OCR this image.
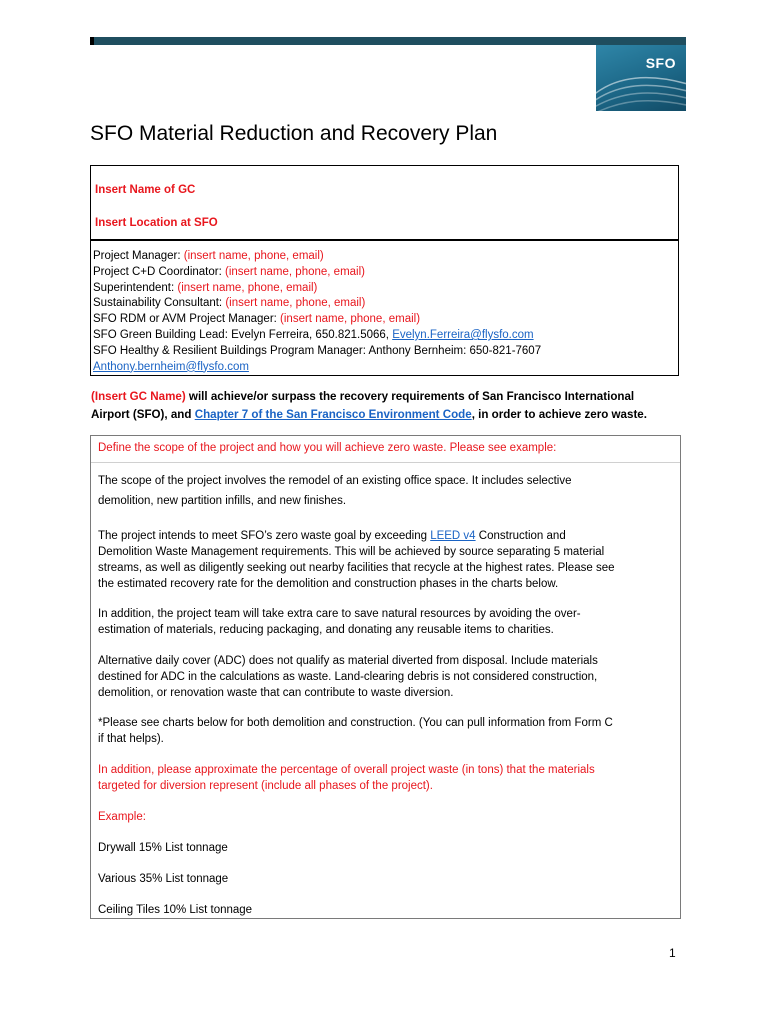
SFO
SFO Material Reduction and Recovery Plan
Insert Name of GC
Insert Location at SFO
Project Manager: (insert name, phone, email)
Project C+D Coordinator: (insert name, phone, email)
Superintendent: (insert name, phone, email)
Sustainability Consultant: (insert name, phone, email)
SFO RDM or AVM Project Manager: (insert name, phone, email)
SFO Green Building Lead: Evelyn Ferreira, 650.821.5066, Evelyn.Ferreira@flysfo.com
SFO Healthy & Resilient Buildings Program Manager: Anthony Bernheim: 650-821-7607
Anthony.bernheim@flysfo.com
(Insert GC Name) will achieve/or surpass the recovery requirements of San Francisco International
Airport (SFO), and Chapter 7 of the San Francisco Environment Code, in order to achieve zero waste.
Define the scope of the project and how you will achieve zero waste. Please see example:
The scope of the project involves the remodel of an existing office space. It includes selective
demolition, new partition infills, and new finishes.
The project intends to meet SFO’s zero waste goal by exceeding LEED v4 Construction and
Demolition Waste Management requirements. This will be achieved by source separating 5 material
streams, as well as diligently seeking out nearby facilities that recycle at the highest rates. Please see
the estimated recovery rate for the demolition and construction phases in the charts below.
In addition, the project team will take extra care to save natural resources by avoiding the over-
estimation of materials, reducing packaging, and donating any reusable items to charities.
Alternative daily cover (ADC) does not qualify as material diverted from disposal. Include materials
destined for ADC in the calculations as waste. Land-clearing debris is not considered construction,
demolition, or renovation waste that can contribute to waste diversion.
*Please see charts below for both demolition and construction. (You can pull information from Form C
if that helps).
In addition, please approximate the percentage of overall project waste (in tons) that the materials
targeted for diversion represent (include all phases of the project).
Example:
Drywall 15% List tonnage
Various 35% List tonnage
Ceiling Tiles 10% List tonnage
1
